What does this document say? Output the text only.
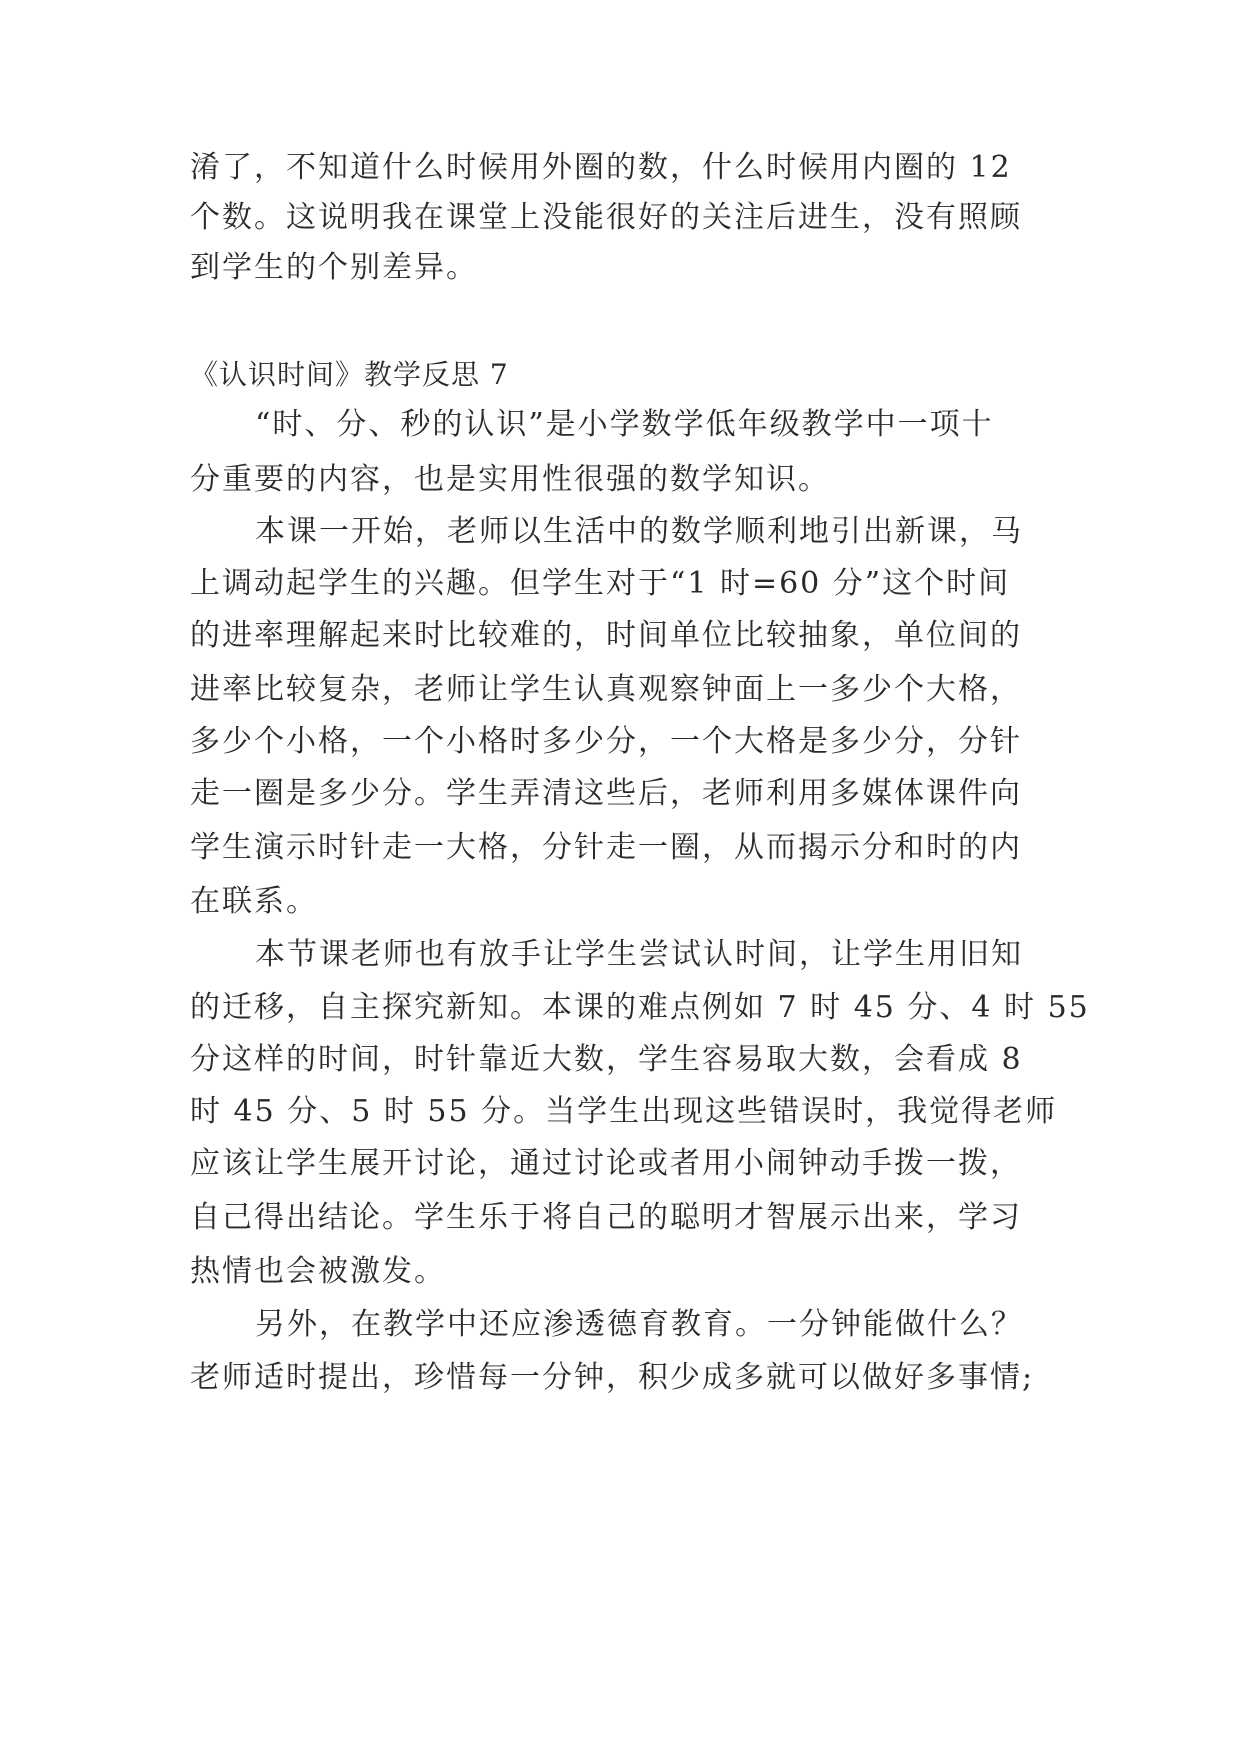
淆了，不知道什么时候用外圈的数，什么时候用内圈的 12
个数。这说明我在课堂上没能很好的关注后进生，没有照顾
到学生的个别差异。
《认识时间》教学反思 7
“时、分、秒的认识”是小学数学低年级教学中一项十
分重要的内容，也是实用性很强的数学知识。
本课一开始，老师以生活中的数学顺利地引出新课，马
上调动起学生的兴趣。但学生对于“1 时=60 分”这个时间
的进率理解起来时比较难的，时间单位比较抽象，单位间的
进率比较复杂，老师让学生认真观察钟面上一多少个大格，
多少个小格，一个小格时多少分，一个大格是多少分，分针
走一圈是多少分。学生弄清这些后，老师利用多媒体课件向
学生演示时针走一大格，分针走一圈，从而揭示分和时的内
在联系。
本节课老师也有放手让学生尝试认时间，让学生用旧知
的迁移，自主探究新知。本课的难点例如 7 时 45 分、4 时 55
分这样的时间，时针靠近大数，学生容易取大数，会看成 8
时 45 分、5 时 55 分。当学生出现这些错误时，我觉得老师
应该让学生展开讨论，通过讨论或者用小闹钟动手拨一拨，
自己得出结论。学生乐于将自己的聪明才智展示出来，学习
热情也会被激发。
另外，在教学中还应渗透德育教育。一分钟能做什么？
老师适时提出，珍惜每一分钟，积少成多就可以做好多事情;
